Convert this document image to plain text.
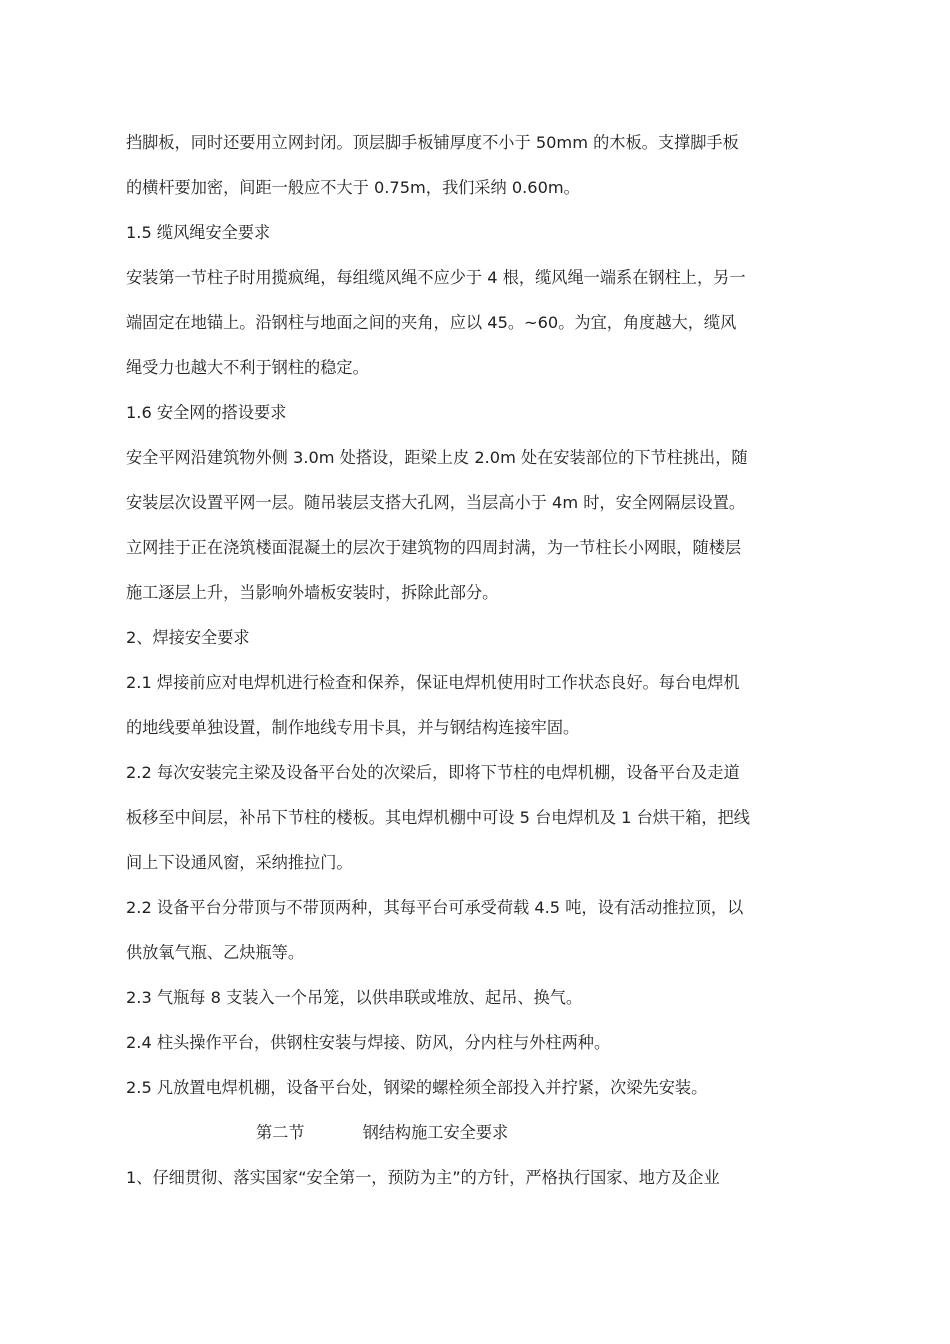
挡脚板，同时还要用立网封闭。顶层脚手板铺厚度不小于 50mm 的木板。支撑脚手板
的横杆要加密，间距一般应不大于 0.75m，我们采纳 0.60m。
1.5 缆风绳安全要求
安装第一节柱子时用揽疯绳，每组缆风绳不应少于 4 根，缆风绳一端系在钢柱上，另一
端固定在地锚上。沿钢柱与地面之间的夹角，应以 45。~60。为宜，角度越大，缆风
绳受力也越大不利于钢柱的稳定。
1.6 安全网的搭设要求
安全平网沿建筑物外侧 3.0m 处搭设，距梁上皮 2.0m 处在安装部位的下节柱挑出，随
安装层次设置平网一层。随吊装层支搭大孔网，当层高小于 4m 时，安全网隔层设置。
立网挂于正在浇筑楼面混凝土的层次于建筑物的四周封满，为一节柱长小网眼，随楼层
施工逐层上升，当影响外墙板安装时，拆除此部分。
2、焊接安全要求
2.1 焊接前应对电焊机进行检查和保养，保证电焊机使用时工作状态良好。每台电焊机
的地线要单独设置，制作地线专用卡具，并与钢结构连接牢固。
2.2 每次安装完主梁及设备平台处的次梁后，即将下节柱的电焊机棚，设备平台及走道
板移至中间层，补吊下节柱的楼板。其电焊机棚中可设 5 台电焊机及 1 台烘干箱，把线
间上下设通风窗，采纳推拉门。
2.2 设备平台分带顶与不带顶两种，其每平台可承受荷载 4.5 吨，设有活动推拉顶，以
供放氧气瓶、乙炔瓶等。
2.3 气瓶每 8 支装入一个吊笼，以供串联或堆放、起吊、换气。
2.4 柱头操作平台，供钢柱安装与焊接、防风，分内柱与外柱两种。
2.5 凡放置电焊机棚，设备平台处，钢梁的螺栓须全部投入并拧紧，次梁先安装。
第二节	钢结构施工安全要求
1、仔细贯彻、落实国家“安全第一，预防为主”的方针，严格执行国家、地方及企业
